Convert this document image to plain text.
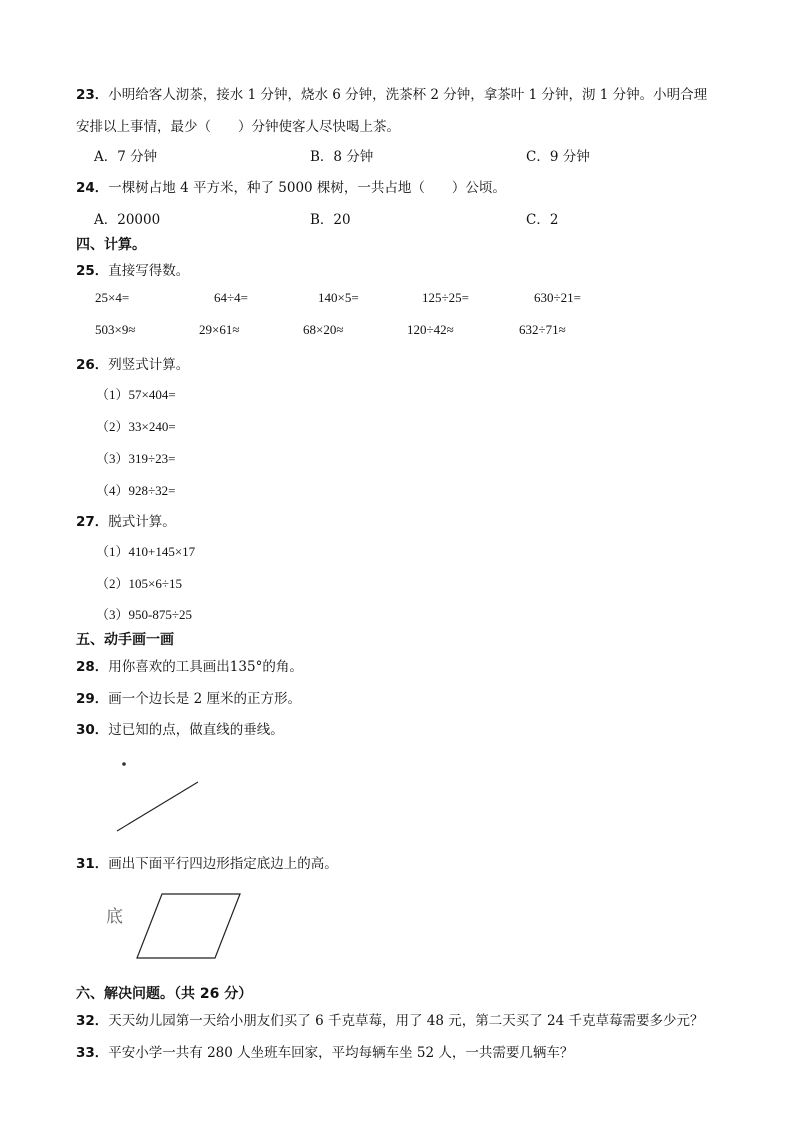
23．小明给客人沏茶，接水 1 分钟，烧水 6 分钟，洗茶杯 2 分钟，拿茶叶 1 分钟，沏 1 分钟。小明合理
安排以上事情，最少（　　）分钟使客人尽快喝上茶。
A．7 分钟	B．8 分钟	C．9 分钟
24．一棵树占地 4 平方米，种了 5000 棵树，一共占地（　　）公顷。
A．20000	B．20	C．2
四、计算。
25．直接写得数。
25×4=	64÷4=	140×5=	125÷25=	630÷21=
503×9≈	29×61≈	68×20≈	120÷42≈	632÷71≈
26．列竖式计算。
（1）57×404=
（2）33×240=
（3）319÷23=
（4）928÷32=
27．脱式计算。
（1）410+145×17
（2）105×6÷15
（3）950-875÷25
五、动手画一画
28．用你喜欢的工具画出135°的角。
29．画一个边长是 2 厘米的正方形。
30．过已知的点，做直线的垂线。
31．画出下面平行四边形指定底边上的高。
底
六、解决问题。（共 26 分）
32．天天幼儿园第一天给小朋友们买了 6 千克草莓，用了 48 元，第二天买了 24 千克草莓需要多少元？
33．平安小学一共有 280 人坐班车回家，平均每辆车坐 52 人，一共需要几辆车？
